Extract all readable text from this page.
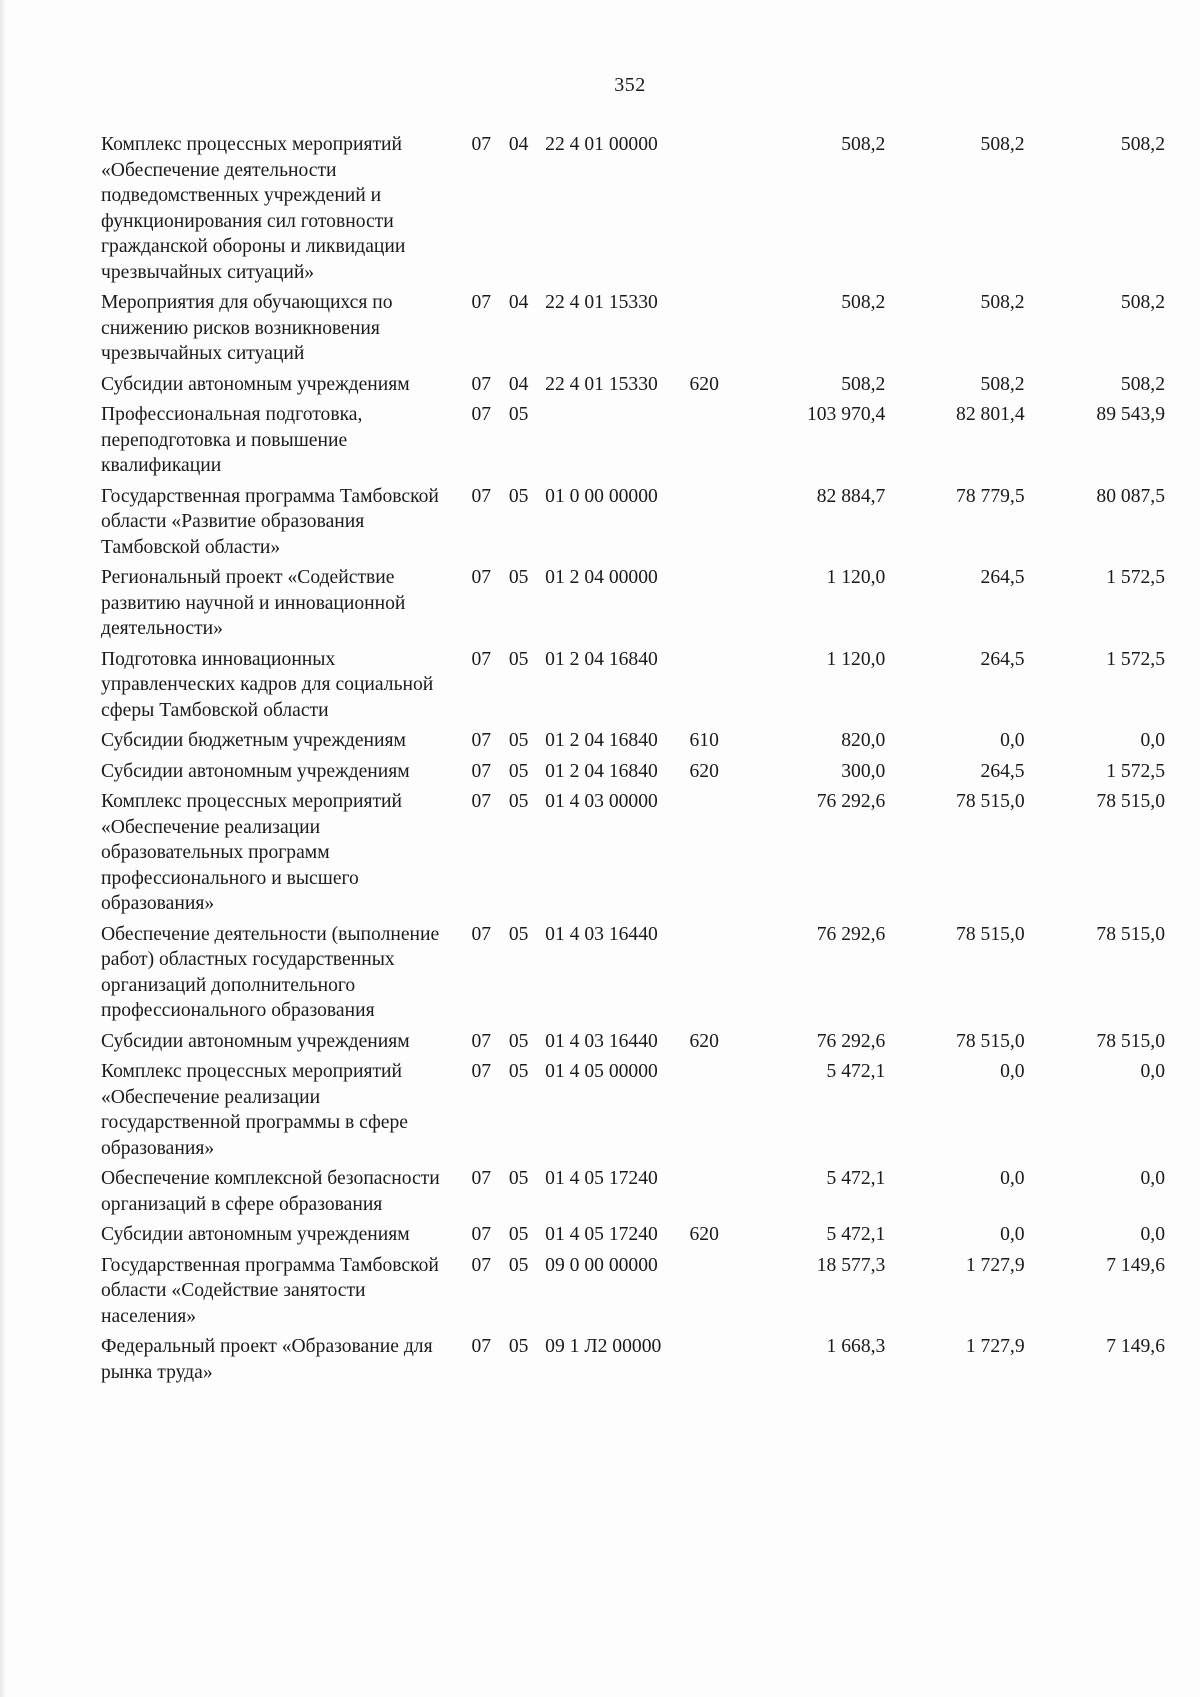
352
Комплекс процессных мероприятий «Обеспечение деятельности подведомственных учреждений и функционирования сил готовности гражданской обороны и ликвидации чрезвычайных ситуаций»	07	04	22 4 01 00000		508,2	508,2	508,2
Мероприятия для обучающихся по снижению рисков возникновения чрезвычайных ситуаций	07	04	22 4 01 15330		508,2	508,2	508,2
Субсидии автономным учреждениям	07	04	22 4 01 15330	620	508,2	508,2	508,2
Профессиональная подготовка, переподготовка и повышение квалификации	07	05			103 970,4	82 801,4	89 543,9
Государственная программа Тамбовской области «Развитие образования Тамбовской области»	07	05	01 0 00 00000		82 884,7	78 779,5	80 087,5
Региональный проект «Содействие развитию научной и инновационной деятельности»	07	05	01 2 04 00000		1 120,0	264,5	1 572,5
Подготовка инновационных управленческих кадров для социальной сферы Тамбовской области	07	05	01 2 04 16840		1 120,0	264,5	1 572,5
Субсидии бюджетным учреждениям	07	05	01 2 04 16840	610	820,0	0,0	0,0
Субсидии автономным учреждениям	07	05	01 2 04 16840	620	300,0	264,5	1 572,5
Комплекс процессных мероприятий «Обеспечение реализации образовательных программ профессионального и высшего образования»	07	05	01 4 03 00000		76 292,6	78 515,0	78 515,0
Обеспечение деятельности (выполнение работ) областных государственных организаций дополнительного профессионального образования	07	05	01 4 03 16440		76 292,6	78 515,0	78 515,0
Субсидии автономным учреждениям	07	05	01 4 03 16440	620	76 292,6	78 515,0	78 515,0
Комплекс процессных мероприятий «Обеспечение реализации государственной программы в сфере образования»	07	05	01 4 05 00000		5 472,1	0,0	0,0
Обеспечение комплексной безопасности организаций в сфере образования	07	05	01 4 05 17240		5 472,1	0,0	0,0
Субсидии автономным учреждениям	07	05	01 4 05 17240	620	5 472,1	0,0	0,0
Государственная программа Тамбовской области «Содействие занятости населения»	07	05	09 0 00 00000		18 577,3	1 727,9	7 149,6
Федеральный проект «Образование для рынка труда»	07	05	09 1 Л2 00000		1 668,3	1 727,9	7 149,6
